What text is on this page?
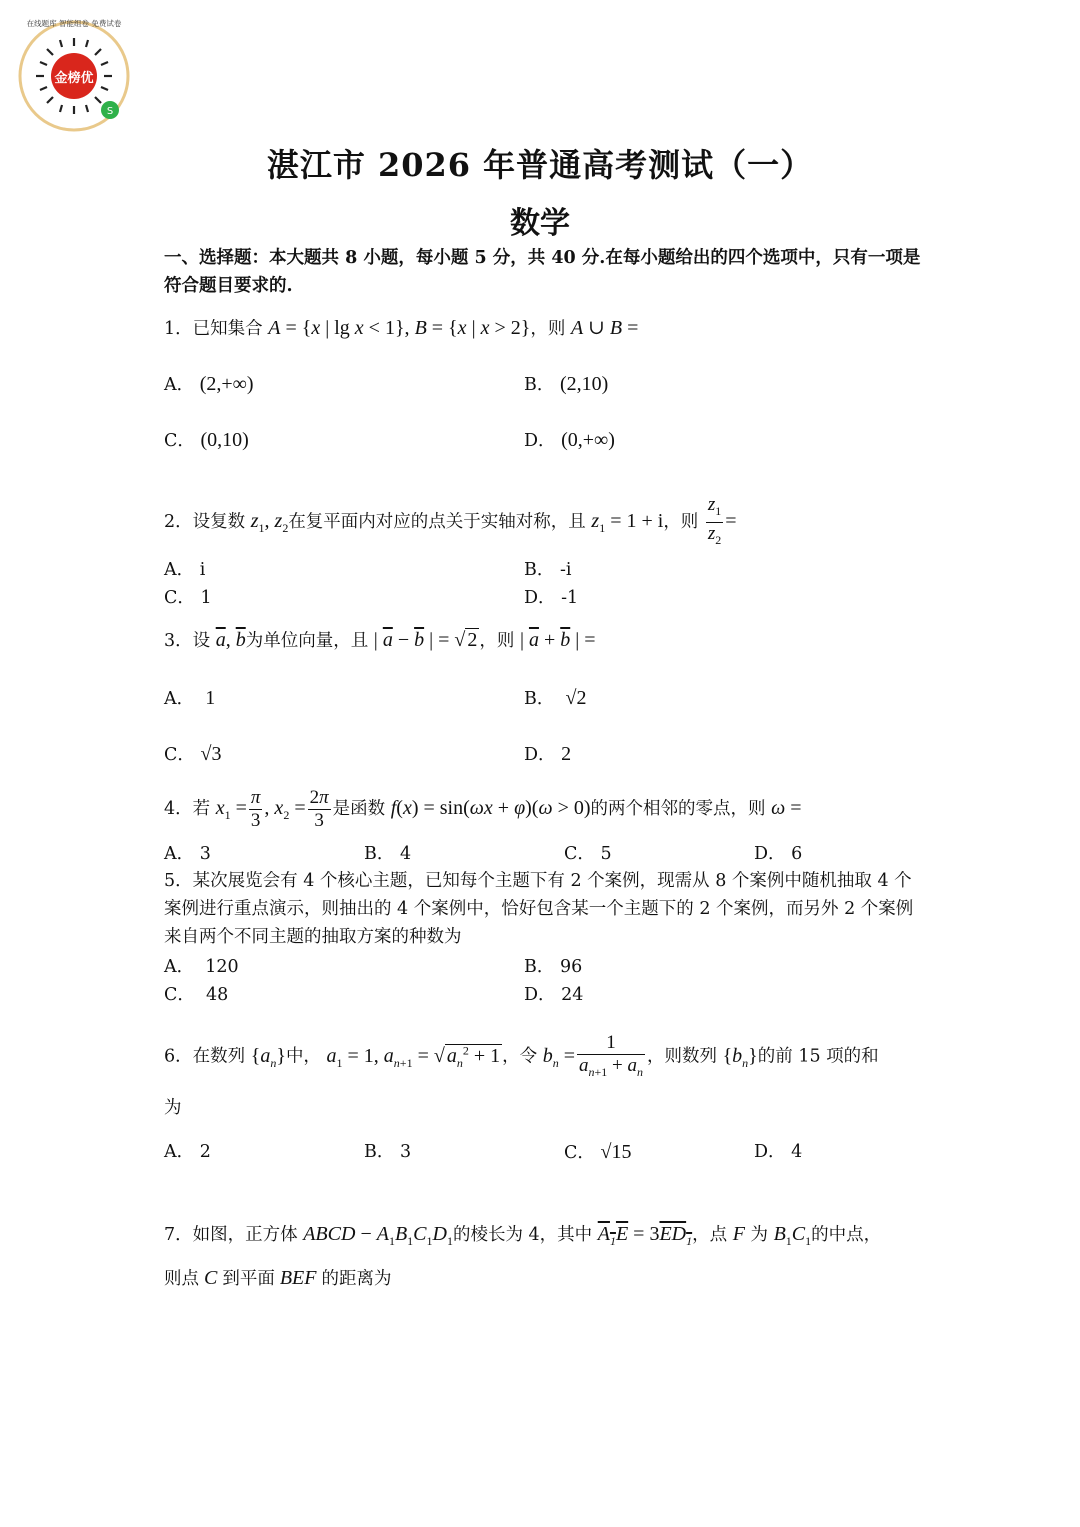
金榜优
S
在线题库 智能组卷 免费试卷
湛江市 2026 年普通高考测试（一）
数学
一、选择题：本大题共 8 小题，每小题 5 分，共 40 分.在每小题给出的四个选项中，只有一项是符合题目要求的.
1．已知集合 A = {x | lg x < 1}, B = {x | x > 2}，则 A ∪ B =
A． (2,+∞)	B． (2,10)
C． (0,10)	D． (0,+∞)
2．设复数 $z_1$, $z_2$在复平面内对应的点关于实轴对称，且 $z_1 = 1 + i$，则 $\frac{z_1}{z_2}$ =
A． i	B． -i
C． 1	D． -1
3．设 $\overline{a}$, $\overline{b}$为单位向量，且 | $\overline{a} - \overline{b}$ | = √ 2 ，则 | $\overline{a} + \overline{b}$ | =
A． 1	B． √2
C． √3	D． 2
4．若 $x_1 = \frac{\pi}{3}$ , $x_2 = \frac{2\pi}{3}$ 是函数 f(x) = sin(ωx + φ)(ω > 0)的两个相邻的零点，则 ω =
A． 3	B． 4	C． 5	D． 6
5．某次展览会有 4 个核心主题，已知每个主题下有 2 个案例，现需从 8 个案例中随机抽取 4 个案例进行重点演示，则抽出的 4 个案例中，恰好包含某一个主题下的 2 个案例，而另外 2 个案例来自两个不同主题的抽取方案的种数为
A． 120	B． 96
C． 48	D． 24
6．在数列 $\{a_n\}$中， $a_1 = 1$, $a_{n+1}$ = √ $a_n^2 + 1$ ，令 $b_n = \frac{1}{a_{n+1} + a_n}$ ，则数列 $\{b_n\}$的前 15 项的和
为
A． 2	B． 3	C． √15	D． 4
7．如图，正方体 ABCD − $A_1B_1C_1D_1$的棱长为 4，其中 $A_1E = 3ED_1$，点 F 为 $B_1C_1$的中点，
则点 C 到平面 BEF 的距离为
